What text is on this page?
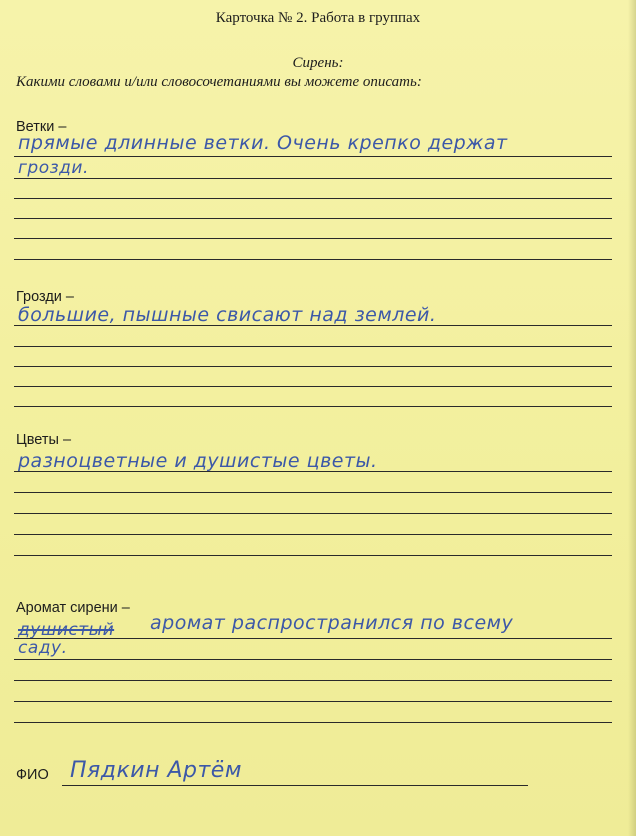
Карточка № 2. Работа в группах
Сирень:
Какими словами и/или словосочетаниями вы можете описать:
Ветки –
прямые длинные ветки. Очень крепко держат
грозди.
Грозди –
большие, пышные свисают над землей.
Цветы –
разноцветные и душистые цветы.
Аромат сирени –
душистый аромат распространился по всему
саду.
ФИО Пядкин Артём
